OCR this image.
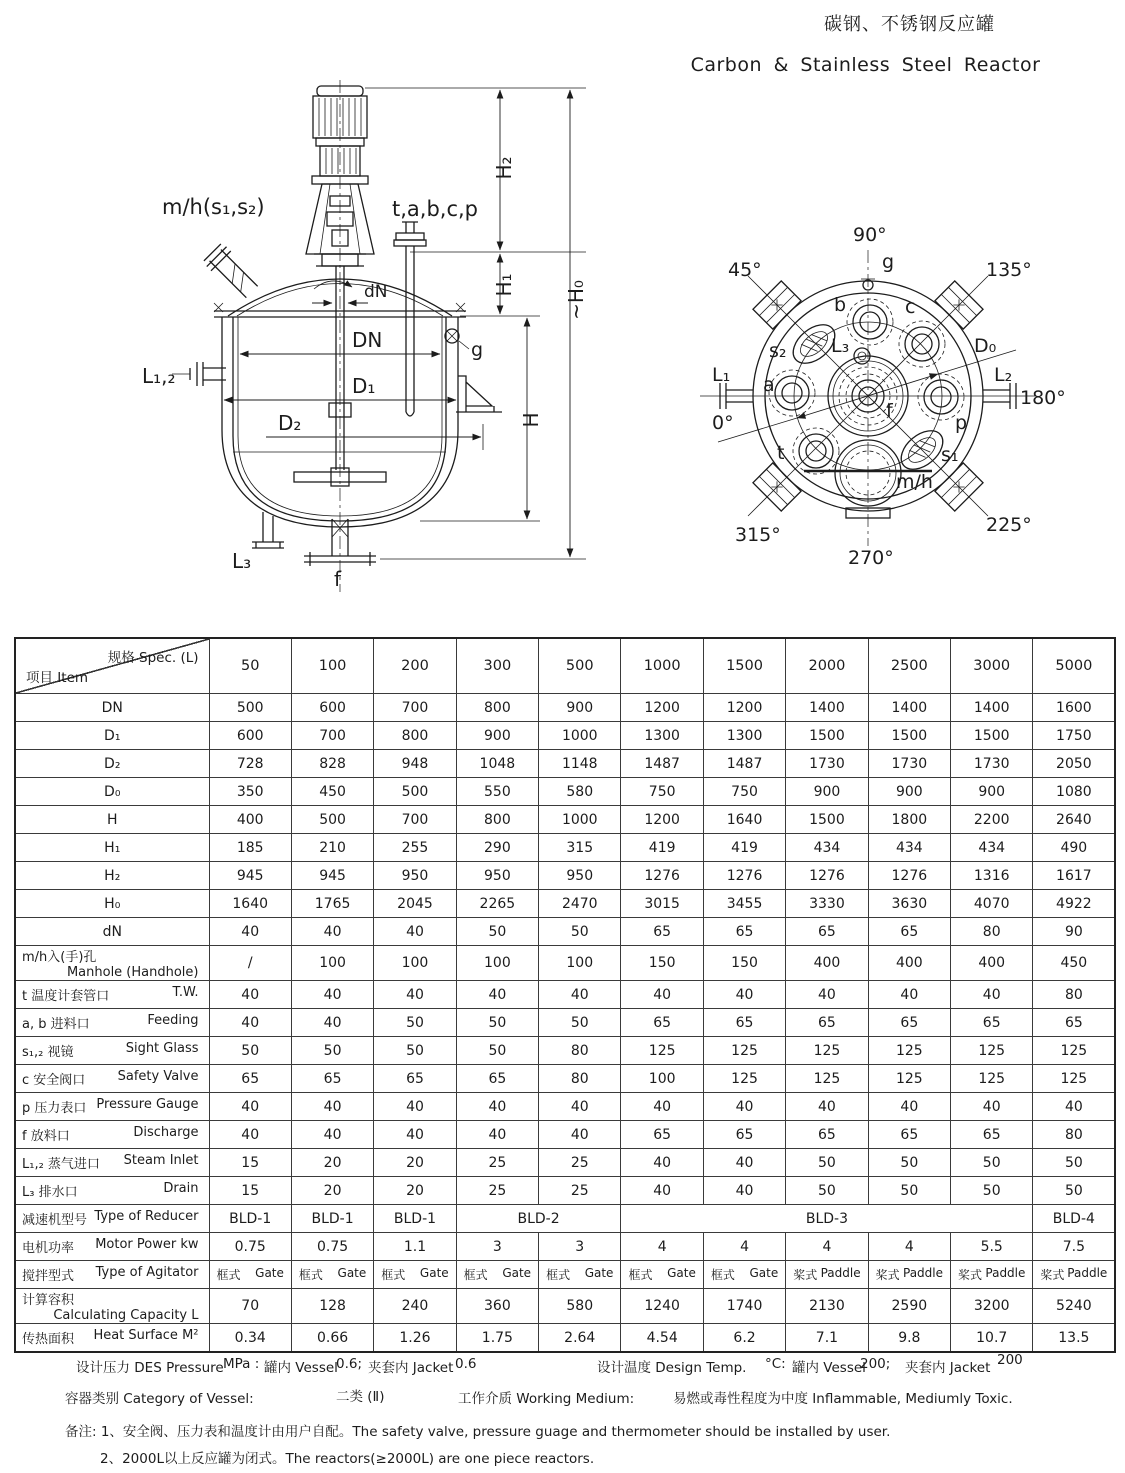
碳钢、不锈钢反应罐
Carbon & Stainless Steel Reactor
m/h(s₁,s₂)	t,a,b,c,p
H₂
H₁
H
~H₀
dN
DN
D₁
D₂
g
L₁,₂
L₃
f
90°
g
45°	135°
b	c
s₂ L₃	D₀
L₁ a	L₂
180°
0°
f
p
t	s₁
m/h
315°	225°
270°
规格 Spec. (L)
项目 Item	50	100	200	300	500	1000	1500	2000	2500	3000	5000
DN	500	600	700	800	900	1200	1200	1400	1400	1400	1600
D₁	600	700	800	900	1000	1300	1300	1500	1500	1500	1750
D₂	728	828	948	1048	1148	1487	1487	1730	1730	1730	2050
D₀	350	450	500	550	580	750	750	900	900	900	1080
H	400	500	700	800	1000	1200	1640	1500	1800	2200	2640
H₁	185	210	255	290	315	419	419	434	434	434	490
H₂	945	945	950	950	950	1276	1276	1276	1276	1316	1617
H₀	1640	1765	2045	2265	2470	3015	3455	3330	3630	4070	4922
dN	40	40	40	50	50	65	65	65	65	80	90
m/h入(手)孔
Manhole (Handhole)	/	100	100	100	100	150	150	400	400	400	450
t 温度计套管口 T.W.	40	40	40	40	40	40	40	40	40	40	80
a, b 进料口 Feeding	40	40	50	50	50	65	65	65	65	65	65
s₁,₂ 视镜 Sight Glass	50	50	50	50	80	125	125	125	125	125	125
c 安全阀口 Safety Valve	65	65	65	65	80	100	125	125	125	125	125
p 压力表口 Pressure Gauge	40	40	40	40	40	40	40	40	40	40	40
f 放料口 Discharge	40	40	40	40	40	65	65	65	65	65	80
L₁,₂ 蒸气进口 Steam Inlet	15	20	20	25	25	40	40	50	50	50	50
L₃ 排水口 Drain	15	20	20	25	25	40	40	50	50	50	50
减速机型号 Type of Reducer	BLD-1	BLD-1	BLD-1	BLD-2		BLD-3					BLD-4
电机功率 Motor Power kw	0.75	0.75	1.1	3	3	4	4	4	4	5.5	7.5
搅拌型式 Type of Agitator	框式 Gate	框式 Gate	框式 Gate	框式 Gate	框式 Gate	框式 Gate	框式 Gate	桨式 Paddle	桨式 Paddle	桨式 Paddle	桨式 Paddle

计算容积
Calculating Capacity L	70	128	240	360	580	1240	1740	2130	2590	3200	5240
传热面积 Heat Surface M²	0.34	0.66	1.26	1.75	2.64	4.54	6.2	7.1	9.8	10.7	13.5
设计压力 DES Pressure MPa : 罐内 Vessel
0.6; 夹套内 Jacket 0.6	设计温度 Design Temp. °C: 罐内 Vessel
200; 夹套内 Jacket 200
容器类别 Category of Vessel:	二类 (Ⅱ)	工作介质 Working Medium:	易燃或毒性程度为中度 Inflammable, Mediumly Toxic.
备注: 1、安全阀、压力表和温度计由用户自配。The safety valve, pressure guage and thermometer should be installed by user.
2、2000L以上反应罐为闭式。The reactors(≥2000L) are one piece reactors.
